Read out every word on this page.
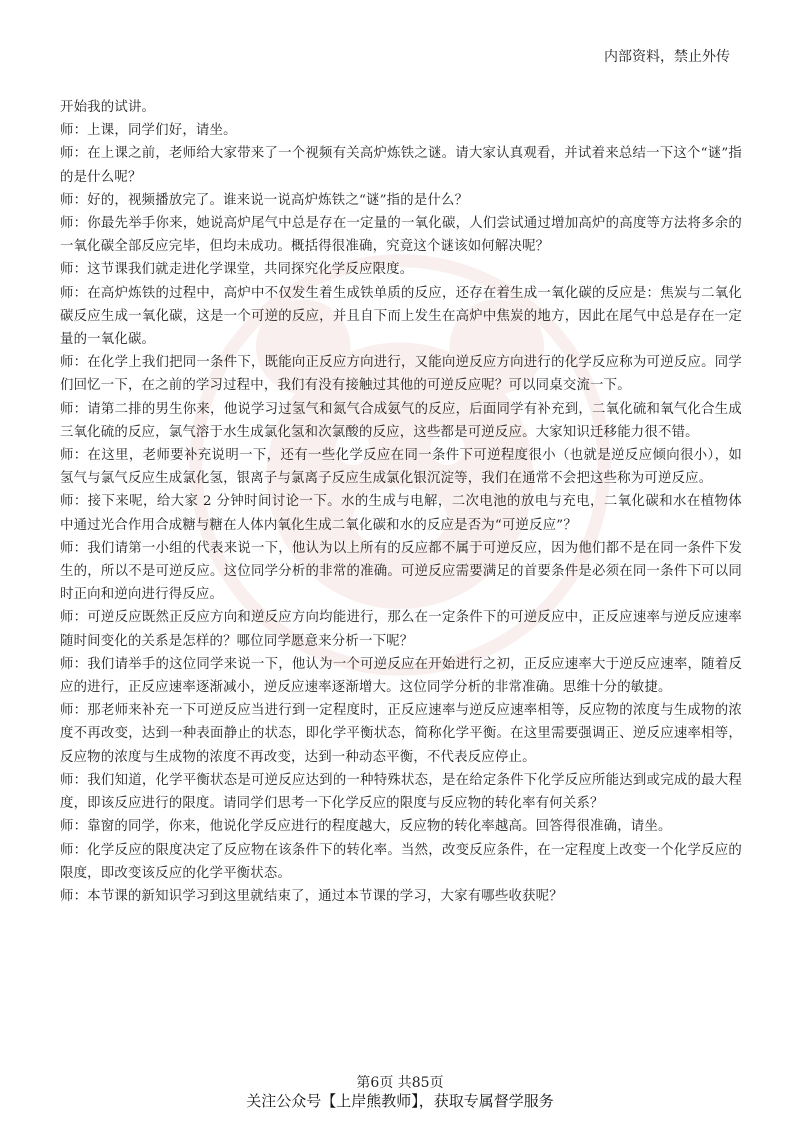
内部资料，禁止外传

开始我的试讲。

师：上课，同学们好，请坐。

师：在上课之前，老师给大家带来了一个视频有关高炉炼铁之谜。请大家认真观看，并试着来总结一下这个“谜”指的是什么呢？

师：好的，视频播放完了。谁来说一说高炉炼铁之“谜”指的是什么？

师：你最先举手你来，她说高炉尾气中总是存在一定量的一氧化碳，人们尝试通过增加高炉的高度等方法将多余的一氧化碳全部反应完毕，但均未成功。概括得很准确，究竟这个谜该如何解决呢？

师：这节课我们就走进化学课堂，共同探究化学反应限度。

师：在高炉炼铁的过程中，高炉中不仅发生着生成铁单质的反应，还存在着生成一氧化碳的反应是：焦炭与二氧化碳反应生成一氧化碳，这是一个可逆的反应，并且自下而上发生在高炉中焦炭的地方，因此在尾气中总是存在一定量的一氧化碳。

师：在化学上我们把同一条件下，既能向正反应方向进行，又能向逆反应方向进行的化学反应称为可逆反应。同学们回忆一下，在之前的学习过程中，我们有没有接触过其他的可逆反应呢？可以同桌交流一下。

师：请第二排的男生你来，他说学习过氢气和氮气合成氨气的反应，后面同学有补充到，二氧化硫和氧气化合生成三氧化硫的反应，氯气溶于水生成氯化氢和次氯酸的反应，这些都是可逆反应。大家知识迁移能力很不错。

师：在这里，老师要补充说明一下，还有一些化学反应在同一条件下可逆程度很小（也就是逆反应倾向很小），如氢气与氯气反应生成氯化氢，银离子与氯离子反应生成氯化银沉淀等，我们在通常不会把这些称为可逆反应。

师：接下来呢，给大家 2 分钟时间讨论一下。水的生成与电解，二次电池的放电与充电，二氧化碳和水在植物体中通过光合作用合成糖与糖在人体内氧化生成二氧化碳和水的反应是否为“可逆反应”？

师：我们请第一小组的代表来说一下，他认为以上所有的反应都不属于可逆反应，因为他们都不是在同一条件下发生的，所以不是可逆反应。这位同学分析的非常的准确。可逆反应需要满足的首要条件是必须在同一条件下可以同时正向和逆向进行得反应。

师：可逆反应既然正反应方向和逆反应方向均能进行，那么在一定条件下的可逆反应中，正反应速率与逆反应速率随时间变化的关系是怎样的？哪位同学愿意来分析一下呢？

师：我们请举手的这位同学来说一下，他认为一个可逆反应在开始进行之初，正反应速率大于逆反应速率，随着反应的进行，正反应速率逐渐减小，逆反应速率逐渐增大。这位同学分析的非常准确。思维十分的敏捷。

师：那老师来补充一下可逆反应当进行到一定程度时，正反应速率与逆反应速率相等，反应物的浓度与生成物的浓度不再改变，达到一种表面静止的状态，即化学平衡状态，简称化学平衡。在这里需要强调正、逆反应速率相等，反应物的浓度与生成物的浓度不再改变，达到一种动态平衡，不代表反应停止。

师：我们知道，化学平衡状态是可逆反应达到的一种特殊状态，是在给定条件下化学反应所能达到或完成的最大程度，即该反应进行的限度。请同学们思考一下化学反应的限度与反应物的转化率有何关系？

师：靠窗的同学，你来，他说化学反应进行的程度越大，反应物的转化率越高。回答得很准确，请坐。

师：化学反应的限度决定了反应物在该条件下的转化率。当然，改变反应条件，在一定程度上改变一个化学反应的限度，即改变该反应的化学平衡状态。

师：本节课的新知识学习到这里就结束了，通过本节课的学习，大家有哪些收获呢？

第6页 共85页
关注公众号【上岸熊教师】，获取专属督学服务
